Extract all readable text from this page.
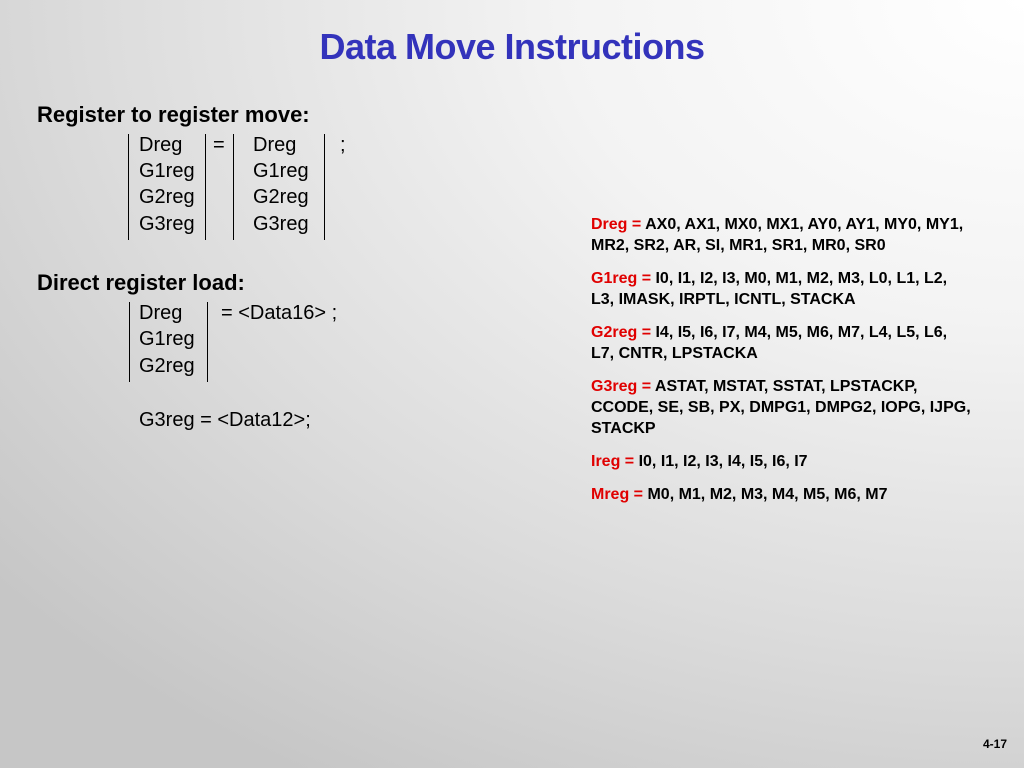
Data Move Instructions
Register to register move:
Dreg
G1reg
G2reg
G3reg
= Dreg
G1reg
G2reg
G3reg
;
Direct register load:
Dreg
G1reg
G2reg
= <Data16> ;
G3reg = <Data12>;
Dreg = AX0, AX1, MX0, MX1, AY0, AY1, MY0, MY1, MR2, SR2, AR, SI, MR1, SR1, MR0, SR0
G1reg = I0, I1, I2, I3, M0, M1, M2, M3, L0, L1, L2, L3, IMASK, IRPTL, ICNTL, STACKA
G2reg = I4, I5, I6, I7, M4, M5, M6, M7, L4, L5, L6, L7, CNTR, LPSTACKA
G3reg = ASTAT, MSTAT, SSTAT, LPSTACKP, CCODE, SE, SB, PX, DMPG1, DMPG2, IOPG, IJPG, STACKP
Ireg = I0, I1, I2, I3, I4, I5, I6, I7
Mreg = M0, M1, M2, M3, M4, M5, M6, M7
4-17
